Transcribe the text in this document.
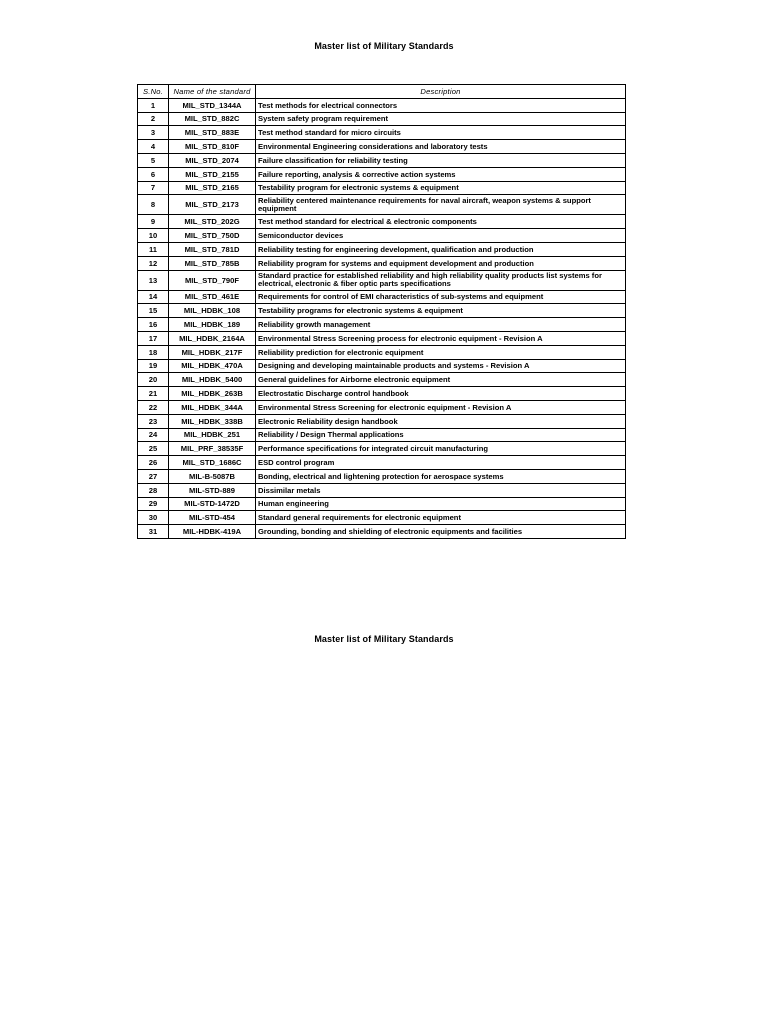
Master list of Military Standards
S.No.	Name of the standard	Description
1	MIL_STD_1344A	Test methods for electrical connectors
2	MIL_STD_882C	System safety program requirement
3	MIL_STD_883E	Test method standard for micro circuits
4	MIL_STD_810F	Environmental Engineering considerations and laboratory tests
5	MIL_STD_2074	Failure classification for reliability testing
6	MIL_STD_2155	Failure reporting, analysis & corrective action systems
7	MIL_STD_2165	Testability program for electronic systems & equipment
8	MIL_STD_2173	Reliability centered maintenance requirements for naval aircraft, weapon systems & support equipment
9	MIL_STD_202G	Test method standard for electrical & electronic components
10	MIL_STD_750D	Semiconductor devices
11	MIL_STD_781D	Reliability testing for engineering development, qualification and production
12	MIL_STD_785B	Reliability program for systems and equipment development and production
13	MIL_STD_790F	Standard practice for established reliability and high reliability quality products list systems for electrical, electronic & fiber optic parts specifications
14	MIL_STD_461E	Requirements for control of EMI characteristics of sub-systems and equipment
15	MIL_HDBK_108	Testability programs for electronic systems & equipment
16	MIL_HDBK_189	Reliability growth management
17	MIL_HDBK_2164A	Environmental Stress Screening process for electronic equipment - Revision A
18	MIL_HDBK_217F	Reliability prediction for electronic equipment
19	MIL_HDBK_470A	Designing and developing maintainable products and systems - Revision A
20	MIL_HDBK_5400	General guidelines for Airborne electronic equipment
21	MIL_HDBK_263B	Electrostatic Discharge control handbook
22	MIL_HDBK_344A	Environmental Stress Screening for electronic equipment - Revision A
23	MIL_HDBK_338B	Electronic Reliability design handbook
24	MIL_HDBK_251	Reliability / Design Thermal applications
25	MIL_PRF_38535F	Performance specifications for integrated circuit manufacturing
26	MIL_STD_1686C	ESD control program
27	MIL-B-5087B	Bonding, electrical and lightening protection for aerospace systems
28	MIL-STD-889	Dissimilar metals
29	MIL-STD-1472D	Human engineering
30	MIL-STD-454	Standard general requirements for electronic equipment
31	MIL-HDBK-419A	Grounding, bonding and shielding of electronic equipments and facilities
Master list of Military Standards
